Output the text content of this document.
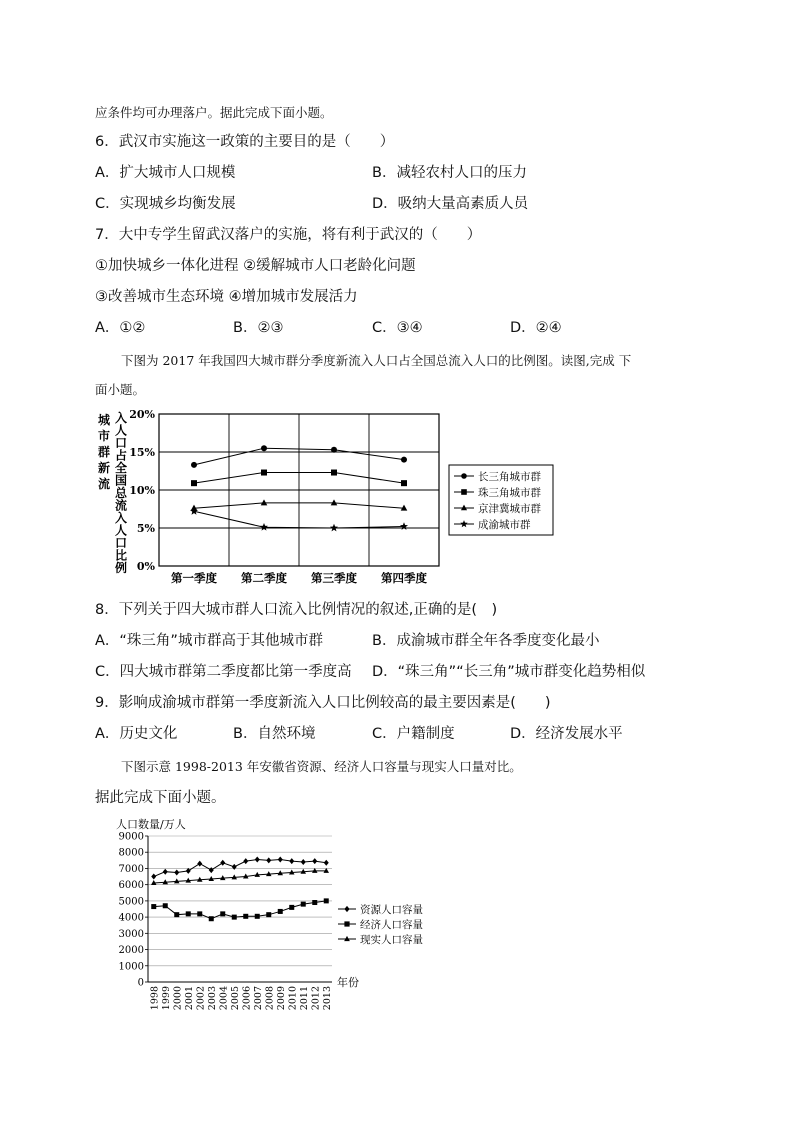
应条件均可办理落户。据此完成下面小题。
6．武汉市实施这一政策的主要目的是（　　）
A．扩大城市人口规模	B．减轻农村人口的压力
C．实现城乡均衡发展	D．吸纳大量高素质人员
7．大中专学生留武汉落户的实施，将有利于武汉的（　　）
①加快城乡一体化进程 ②缓解城市人口老龄化问题
③改善城市生态环境 ④增加城市发展活力
A．①②	B．②③	C．③④	D．②④
下图为 2017 年我国四大城市群分季度新流入人口占全国总流入人口的比例图。读图,完成 下
面小题。
城市群新流
入人口占全国总流入人口比例 0%
5%
10%
15%
20%
第一季度 第二季度 第三季度 第四季度
长三角城市群
珠三角城市群
京津冀城市群
成渝城市群
8．下列关于四大城市群人口流入比例情况的叙述,正确的是(　)
A．“珠三角”城市群高于其他城市群	B．成渝城市群全年各季度变化最小
C．四大城市群第二季度都比第一季度高 D．“珠三角”“长三角”城市群变化趋势相似
9．影响成渝城市群第一季度新流入人口比例较高的最主要因素是(　　)
A．历史文化	B．自然环境	C．户籍制度	D．经济发展水平
下图示意 1998-2013 年安徽省资源、经济人口容量与现实人口量对比。
据此完成下面小题。
人口数量/万人
0
1000
2000
3000
4000
5000
6000
7000
8000
9000
1998 1999 2000 2001 2002 2003 2004 2005 2006 2007 2008 2009 2010 2011 2012 2013
年份
资源人口容量
经济人口容量
现实人口容量
